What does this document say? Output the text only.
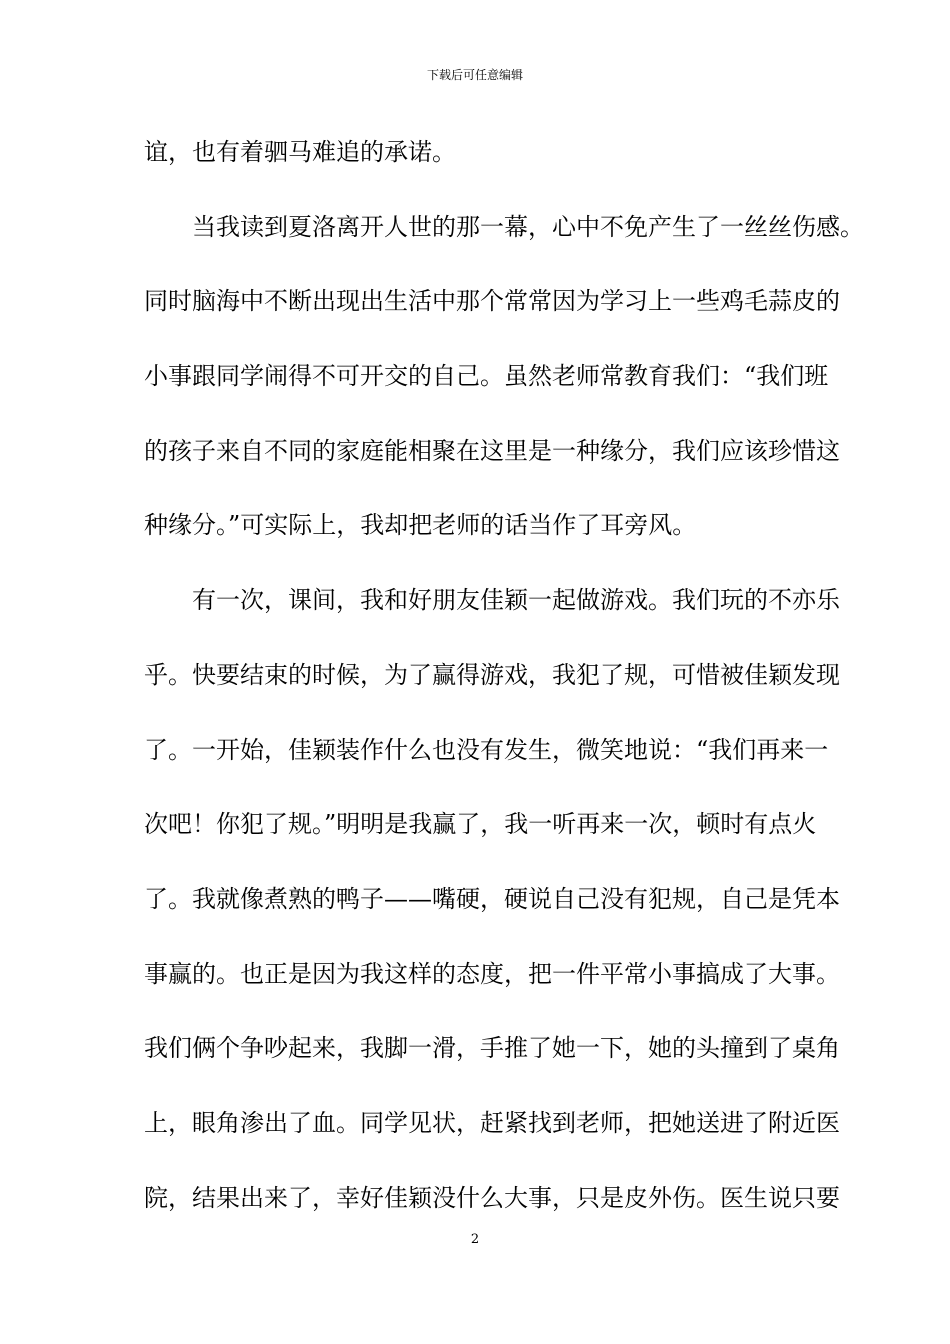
下载后可任意编辑
谊，也有着驷马难追的承诺。
当我读到夏洛离开人世的那一幕，心中不免产生了一丝丝伤感。
同时脑海中不断出现出生活中那个常常因为学习上一些鸡毛蒜皮的
小事跟同学闹得不可开交的自己。虽然老师常教育我们：“我们班
的孩子来自不同的家庭能相聚在这里是一种缘分，我们应该珍惜这
种缘分。”可实际上，我却把老师的话当作了耳旁风。
有一次，课间，我和好朋友佳颖一起做游戏。我们玩的不亦乐
乎。快要结束的时候，为了赢得游戏，我犯了规，可惜被佳颖发现
了。一开始，佳颖装作什么也没有发生，微笑地说：“我们再来一
次吧！你犯了规。”明明是我赢了，我一听再来一次，顿时有点火
了。我就像煮熟的鸭子——嘴硬，硬说自己没有犯规，自己是凭本
事赢的。也正是因为我这样的态度，把一件平常小事搞成了大事。
我们俩个争吵起来，我脚一滑，手推了她一下，她的头撞到了桌角
上，眼角渗出了血。同学见状，赶紧找到老师，把她送进了附近医
院，结果出来了，幸好佳颖没什么大事，只是皮外伤。医生说只要
2
